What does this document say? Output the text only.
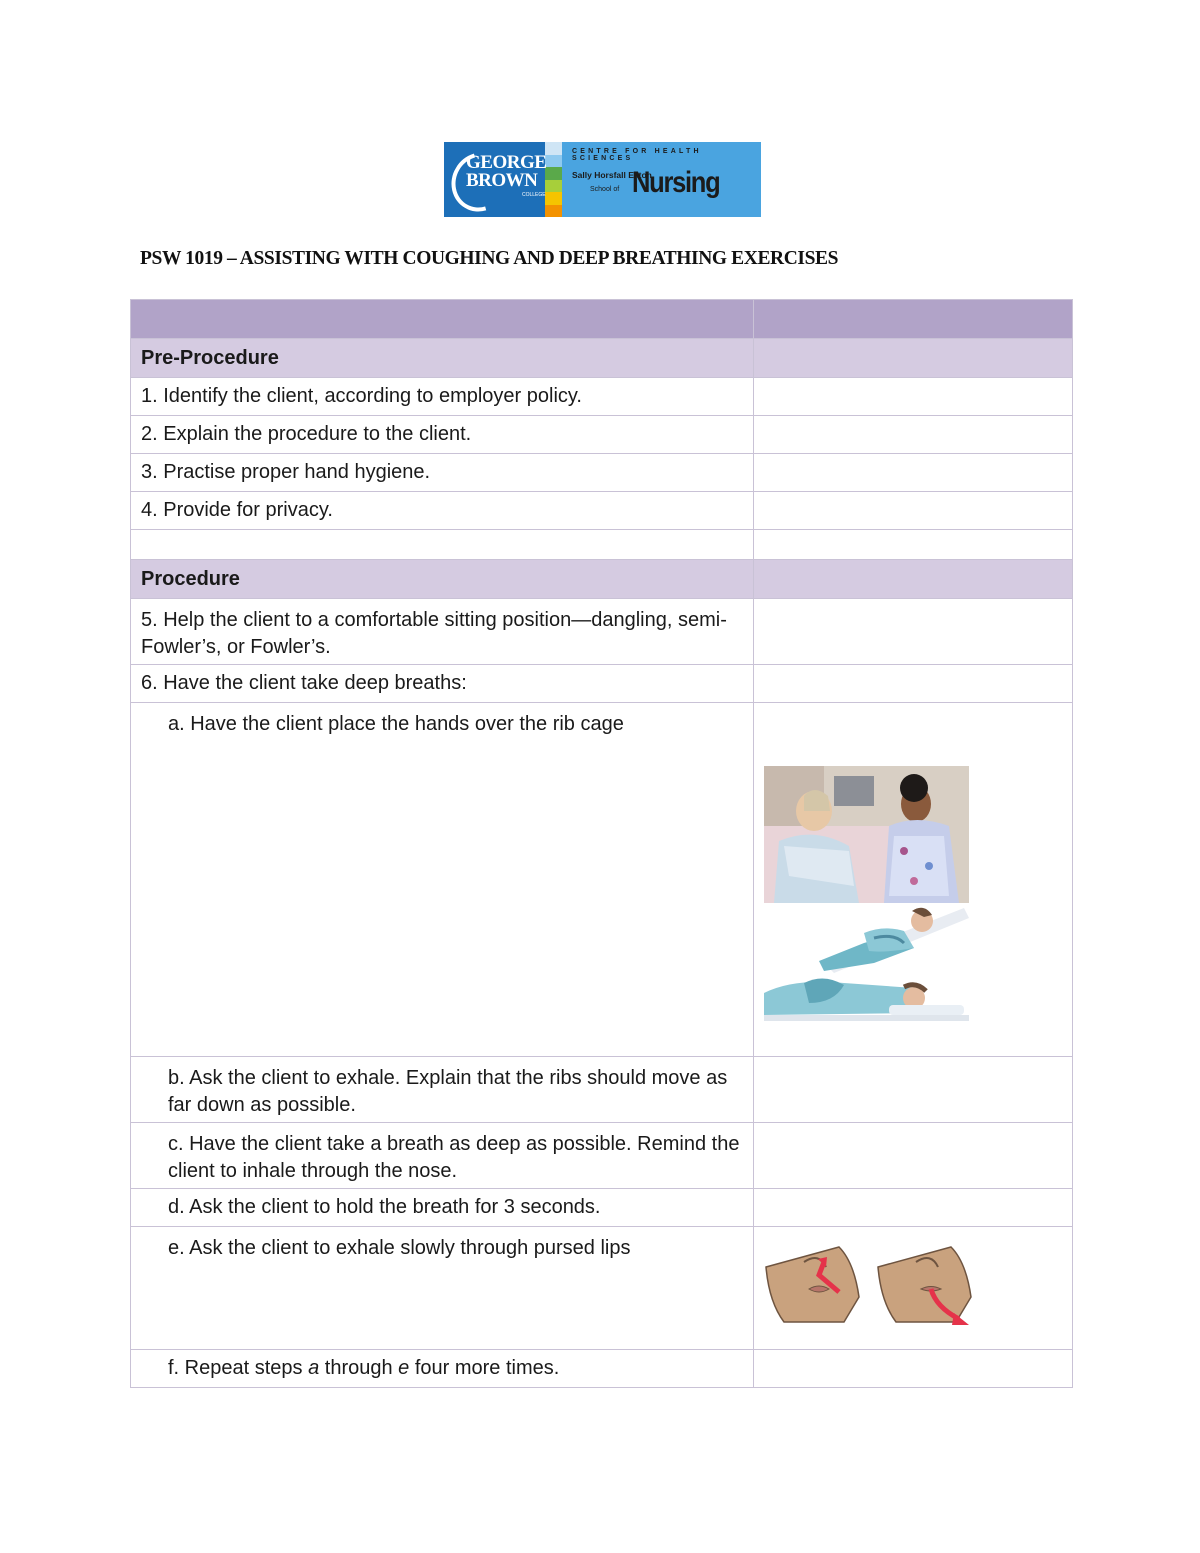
GEORGE BROWN
COLLEGE
CENTRE FOR HEALTH SCIENCES
Sally Horsfall Eaton
School of Nursing
PSW 1019 – ASSISTING WITH COUGHING AND DEEP BREATHING EXERCISES

Pre-Procedure	
1. Identify the client, according to employer policy.	
2. Explain the procedure to the client.	
3. Practise proper hand hygiene.	
4. Provide for privacy.	

Procedure	
5. Help the client to a comfortable sitting position—dangling, semi-Fowler’s, or Fowler’s.	
6. Have the client take deep breaths:	
a. Have the client place the hands over the rib cage	

b. Ask the client to exhale. Explain that the ribs should move as far down as possible.	
c. Have the client take a breath as deep as possible. Remind the client to inhale through the nose.	
d. Ask the client to hold the breath for 3 seconds.	
e. Ask the client to exhale slowly through pursed lips	

f. Repeat steps a through e four more times.	
